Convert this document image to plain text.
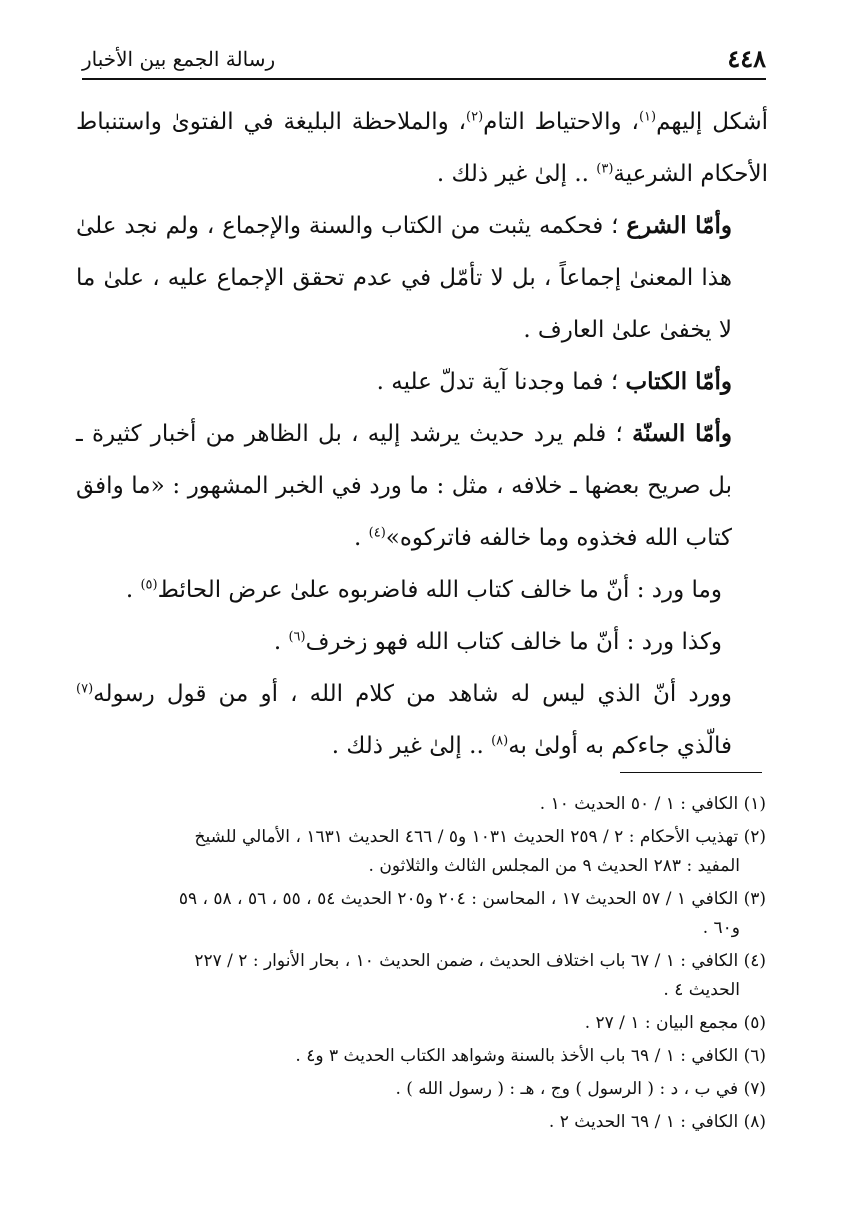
٤٤٨
رسالة الجمع بين الأخبار

أشكل إليهم$^{(١)}$، والاحتياط التام$^{(٢)}$، والملاحظة البليغة في الفتوىٰ واستنباط الأحكام الشرعية$^{(٣)}$ .. إلىٰ غير ذلك .

وأمّا الشرع ؛ فحكمه يثبت من الكتاب والسنة والإجماع ، ولم نجد علىٰ هذا المعنىٰ إجماعاً ، بل لا تأمّل في عدم تحقق الإجماع عليه ، علىٰ ما لا يخفىٰ علىٰ العارف .

وأمّا الكتاب ؛ فما وجدنا آية تدلّ عليه .

وأمّا السنّة ؛ فلم يرد حديث يرشد إليه ، بل الظاهر من أخبار كثيرة ـ بل صريح بعضها ـ خلافه ، مثل : ما ورد في الخبر المشهور : «ما وافق كتاب الله فخذوه وما خالفه فاتركوه»$^{(٤)}$ .

وما ورد : أنّ ما خالف كتاب الله فاضربوه علىٰ عرض الحائط$^{(٥)}$ .

وكذا ورد : أنّ ما خالف كتاب الله فهو زخرف$^{(٦)}$ .

وورد أنّ الذي ليس له شاهد من كلام الله ، أو من قول رسوله$^{(٧)}$ فالّذي جاءكم به أولىٰ به$^{(٨)}$ .. إلىٰ غير ذلك .

(١) الكافي : ١ / ٥٠ الحديث ١٠ .

(٢) تهذيب الأحكام : ٢ / ٢٥٩ الحديث ١٠٣١ و٥ / ٤٦٦ الحديث ١٦٣١ ، الأمالي للشيخ
المفيد : ٢٨٣ الحديث ٩ من المجلس الثالث والثلاثون .

(٣) الكافي ١ / ٥٧ الحديث ١٧ ، المحاسن : ٢٠٤ و٢٠٥ الحديث ٥٤ ، ٥٥ ، ٥٦ ، ٥٨ ، ٥٩
و٦٠ .

(٤) الكافي : ١ / ٦٧ باب اختلاف الحديث ، ضمن الحديث ١٠ ، بحار الأنوار : ٢ / ٢٢٧
الحديث ٤ .

(٥) مجمع البيان : ١ / ٢٧ .

(٦) الكافي : ١ / ٦٩ باب الأخذ بالسنة وشواهد الكتاب الحديث ٣ و٤ .

(٧) في ب ، د : ( الرسول ) وج ، هـ : ( رسول الله ) .

(٨) الكافي : ١ / ٦٩ الحديث ٢ .
